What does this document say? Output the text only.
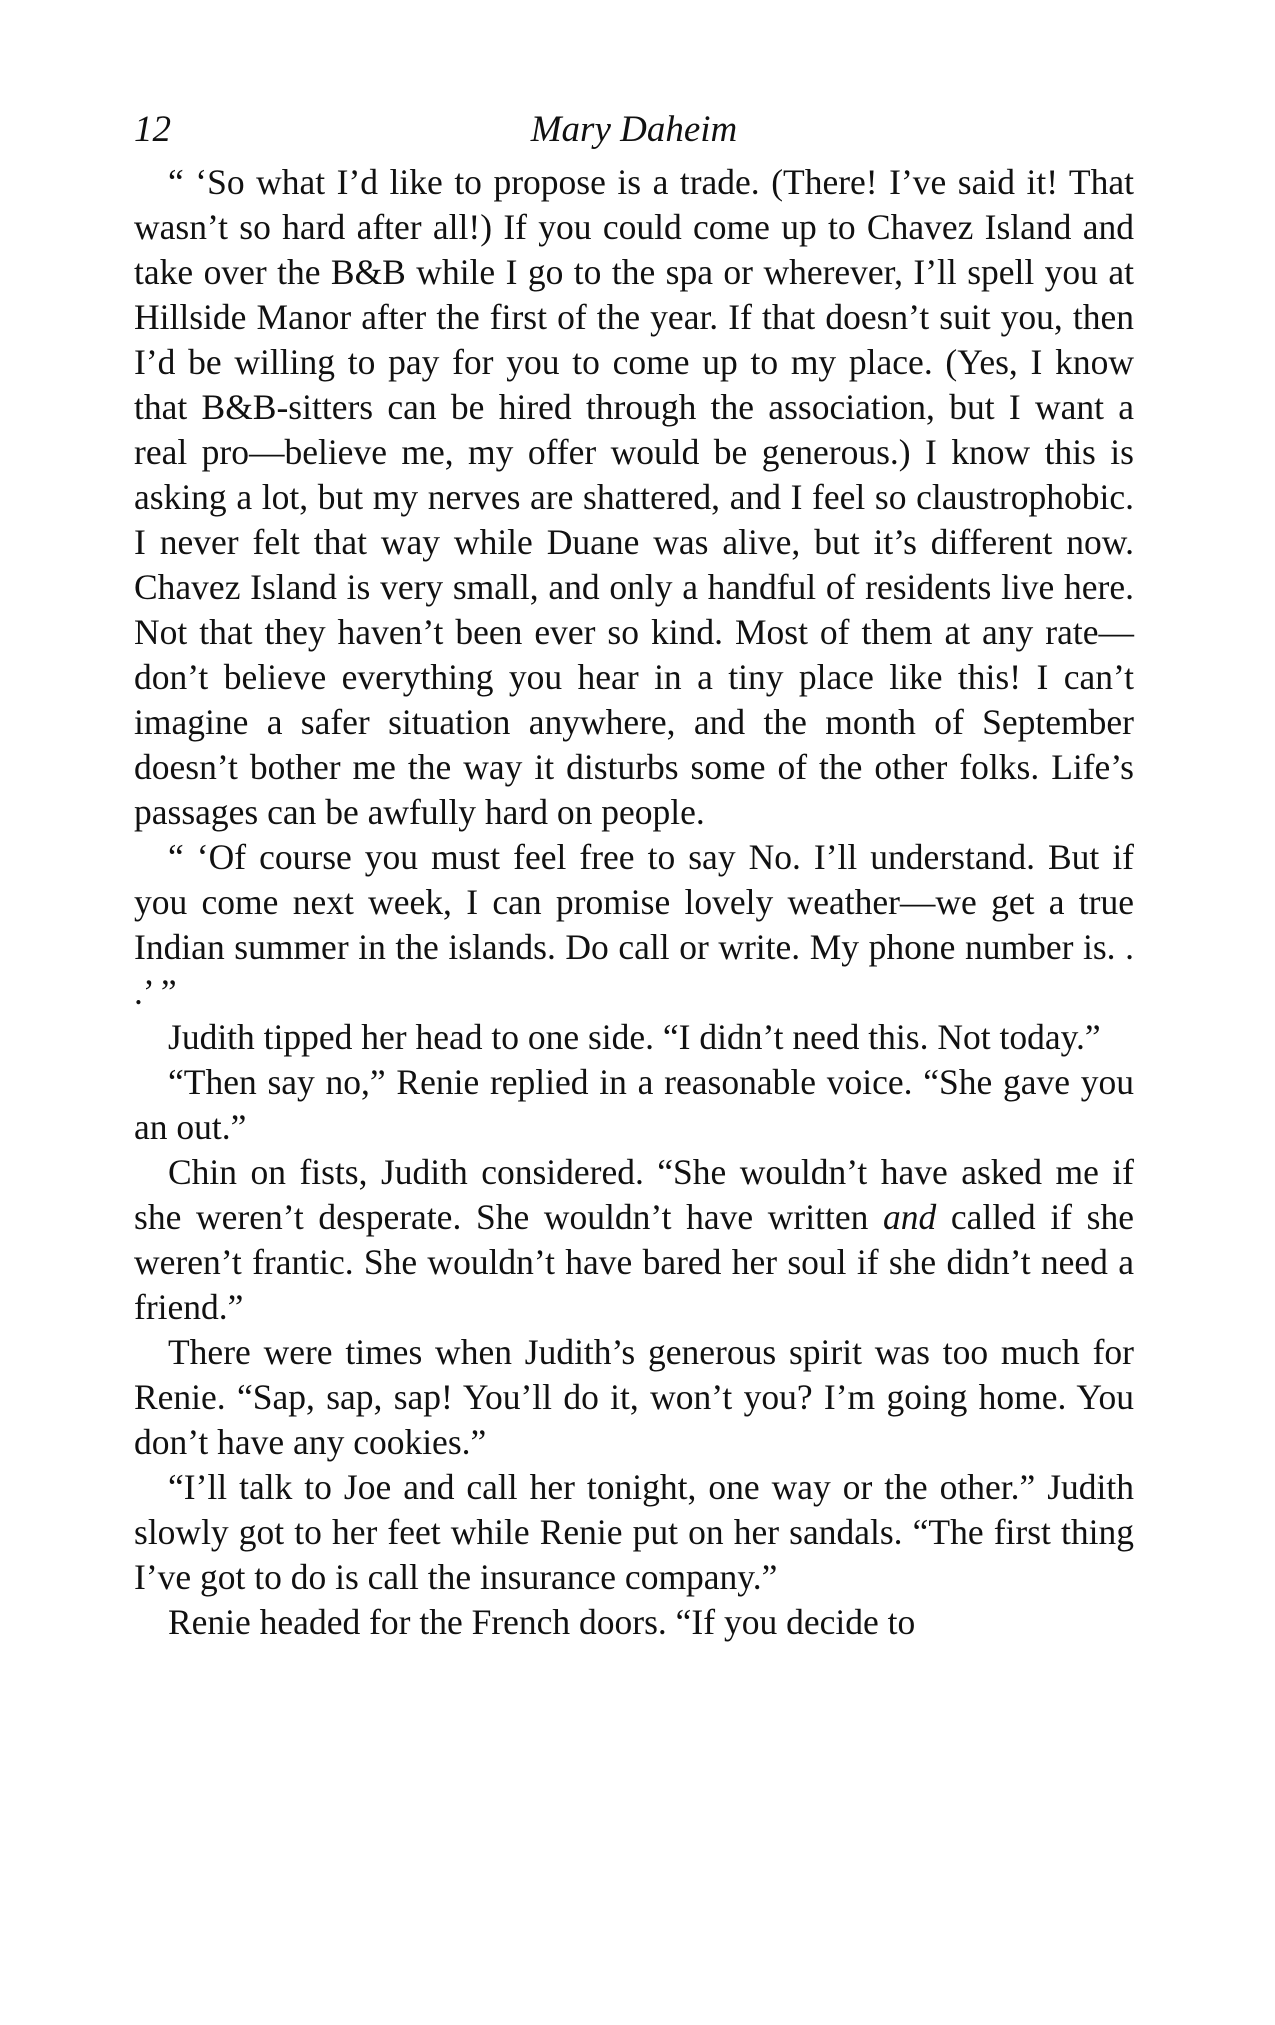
12	Mary Daheim

“ ‘So what I’d like to propose is a trade. (There! I’ve said it! That wasn’t so hard after all!) If you could come up to Chavez Island and take over the B&B while I go to the spa or wherever, I’ll spell you at Hillside Manor after the first of the year. If that doesn’t suit you, then I’d be willing to pay for you to come up to my place. (Yes, I know that B&B-sitters can be hired through the association, but I want a real pro—believe me, my offer would be generous.) I know this is asking a lot, but my nerves are shattered, and I feel so claustrophobic. I never felt that way while Duane was alive, but it’s different now. Chavez Island is very small, and only a handful of residents live here. Not that they haven’t been ever so kind. Most of them at any rate—don’t believe everything you hear in a tiny place like this! I can’t imagine a safer situation anywhere, and the month of September doesn’t bother me the way it disturbs some of the other folks. Life’s passages can be awfully hard on people.

“ ‘Of course you must feel free to say No. I’ll understand. But if you come next week, I can promise lovely weather—we get a true Indian summer in the islands. Do call or write. My phone number is. . .’ ”

Judith tipped her head to one side. “I didn’t need this. Not today.”

“Then say no,” Renie replied in a reasonable voice. “She gave you an out.”

Chin on fists, Judith considered. “She wouldn’t have asked me if she weren’t desperate. She wouldn’t have written and called if she weren’t frantic. She wouldn’t have bared her soul if she didn’t need a friend.”

There were times when Judith’s generous spirit was too much for Renie. “Sap, sap, sap! You’ll do it, won’t you? I’m going home. You don’t have any cookies.”

“I’ll talk to Joe and call her tonight, one way or the other.” Judith slowly got to her feet while Renie put on her sandals. “The first thing I’ve got to do is call the insurance company.”

Renie headed for the French doors. “If you decide to
